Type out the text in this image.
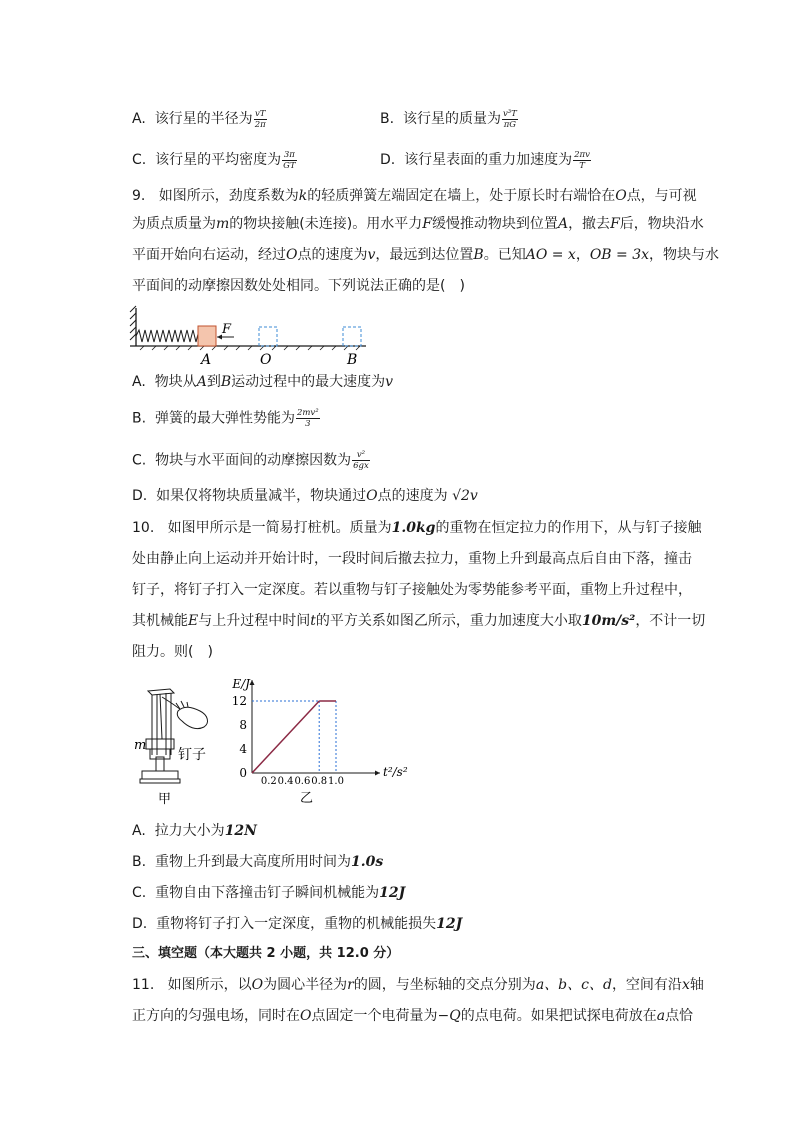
A. 该行星的半径为 $\frac{vT}{2\pi}$	B. 该行星的质量为 $\frac{\text{v³T}}{\pi G}$
C. 该行星的平均密度为 $\frac{3\pi}{GT}$	D. 该行星表面的重力加速度为 $\frac{2\pi v}{T}$
9. 如图所示，劲度系数为k的轻质弹簧左端固定在墙上，处于原长时右端恰在O点，与可视
为质点质量为m的物块接触(未连接)。用水平力F缓慢推动物块到位置A，撤去F后，物块沿水
平面开始向右运动，经过O点的速度为v，最远到达位置B。已知AO = x，OB = 3x，物块与水
平面间的动摩擦因数处处相同。下列说法正确的是(　)
F
A	O	B
A. 物块从A到B运动过程中的最大速度为v
B. 弹簧的最大弹性势能为 $\frac{\text{2mv²}}{3}$
C. 物块与水平面间的动摩擦因数为 $\frac{\text{v²}}{6gx}$
D. 如果仅将物块质量减半，物块通过O点的速度为 √2v
10. 如图甲所示是一简易打桩机。质量为1.0kg的重物在恒定拉力的作用下，从与钉子接触
处由静止向上运动并开始计时，一段时间后撤去拉力，重物上升到最高点后自由下落，撞击
钉子，将钉子打入一定深度。若以重物与钉子接触处为零势能参考平面，重物上升过程中，
其机械能E与上升过程中时间t的平方关系如图乙所示，重力加速度大小取10m/s²，不计一切
阻力。则(　)
m
钉子
甲
E/J
t²/s²
乙
0
4
8
12
0.2 0.4 0.6 0.8 1.0
A. 拉力大小为12N
B. 重物上升到最大高度所用时间为1.0s
C. 重物自由下落撞击钉子瞬间机械能为12J
D. 重物将钉子打入一定深度，重物的机械能损失12J
三、填空题（本大题共 2 小题，共 12.0 分）
11. 如图所示，以O为圆心半径为r的圆，与坐标轴的交点分别为a、b、c、d，空间有沿x轴
正方向的匀强电场，同时在O点固定一个电荷量为−Q的点电荷。如果把试探电荷放在a点恰
